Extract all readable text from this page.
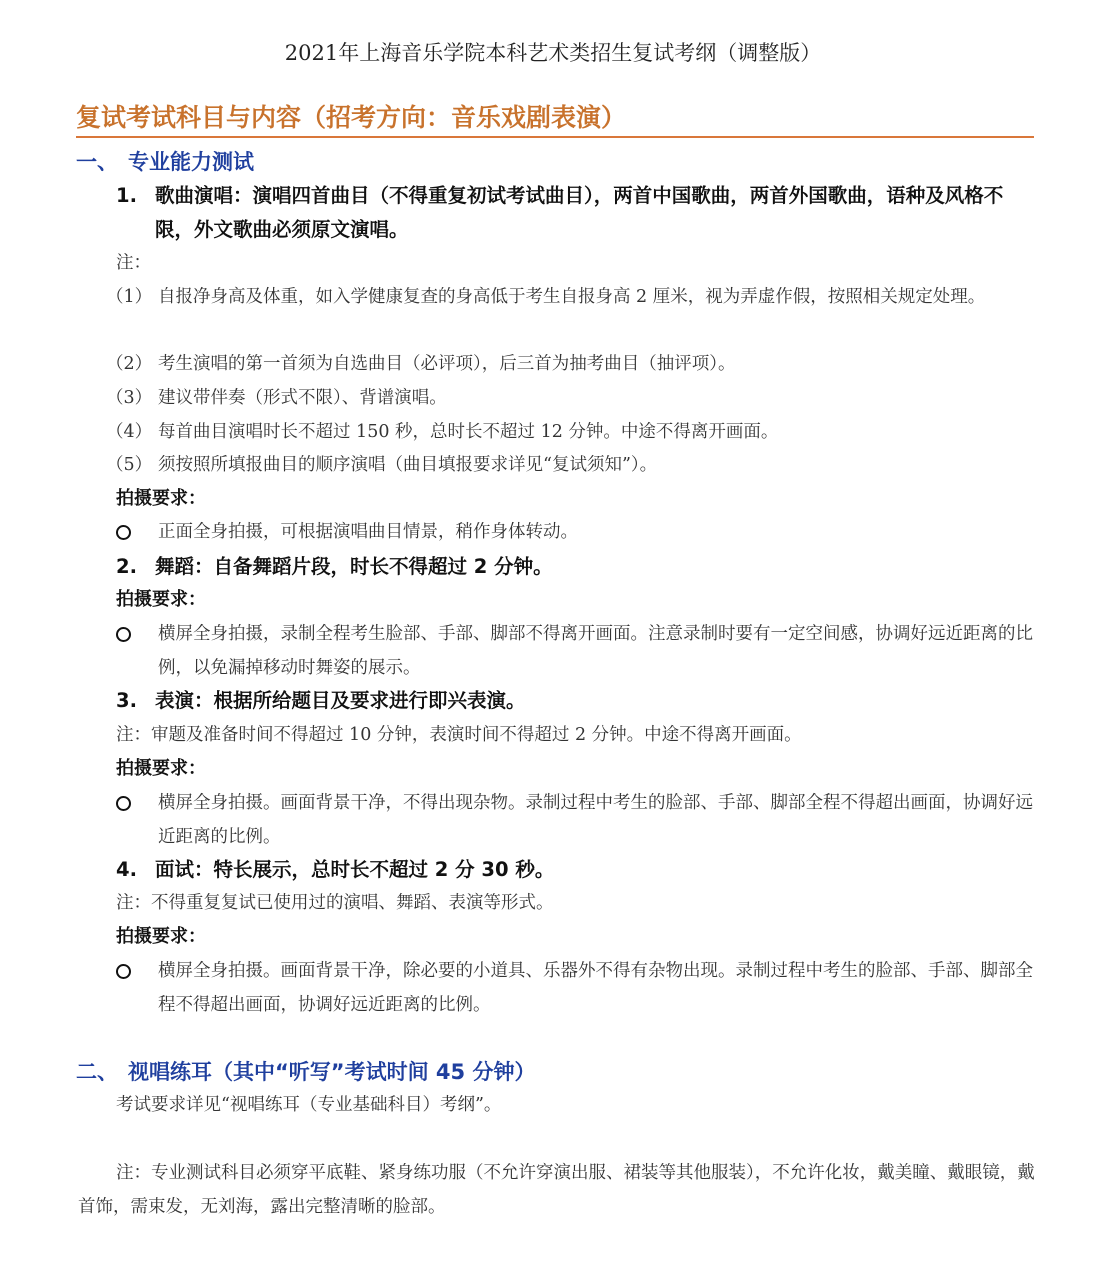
2021年上海音乐学院本科艺术类招生复试考纲（调整版）
复试考试科目与内容（招考方向：音乐戏剧表演）
一、 专业能力测试
1. 歌曲演唱：演唱四首曲目（不得重复初试考试曲目），两首中国歌曲，两首外国歌曲，语种及风格不限，外文歌曲必须原文演唱。
注：
（1） 自报净身高及体重，如入学健康复查的身高低于考生自报身高 2 厘米，视为弄虚作假，按照相关规定处理。
（2） 考生演唱的第一首须为自选曲目（必评项），后三首为抽考曲目（抽评项）。
（3） 建议带伴奏（形式不限）、背谱演唱。
（4） 每首曲目演唱时长不超过 150 秒，总时长不超过 12 分钟。中途不得离开画面。
（5） 须按照所填报曲目的顺序演唱（曲目填报要求详见“复试须知”）。
拍摄要求：
正面全身拍摄，可根据演唱曲目情景，稍作身体转动。
2. 舞蹈：自备舞蹈片段，时长不得超过 2 分钟。
拍摄要求：
横屏全身拍摄，录制全程考生脸部、手部、脚部不得离开画面。注意录制时要有一定空间感，协调好远近距离的比例，以免漏掉移动时舞姿的展示。
3. 表演：根据所给题目及要求进行即兴表演。
注：审题及准备时间不得超过 10 分钟，表演时间不得超过 2 分钟。中途不得离开画面。
拍摄要求：
横屏全身拍摄。画面背景干净，不得出现杂物。录制过程中考生的脸部、手部、脚部全程不得超出画面，协调好远近距离的比例。
4. 面试：特长展示，总时长不超过 2 分 30 秒。
注：不得重复复试已使用过的演唱、舞蹈、表演等形式。
拍摄要求：
横屏全身拍摄。画面背景干净，除必要的小道具、乐器外不得有杂物出现。录制过程中考生的脸部、手部、脚部全程不得超出画面，协调好远近距离的比例。
二、 视唱练耳（其中“听写”考试时间 45 分钟）
考试要求详见“视唱练耳（专业基础科目）考纲”。
注：专业测试科目必须穿平底鞋、紧身练功服（不允许穿演出服、裙装等其他服装），不允许化妆，戴美瞳、戴眼镜，戴首饰，需束发，无刘海，露出完整清晰的脸部。
